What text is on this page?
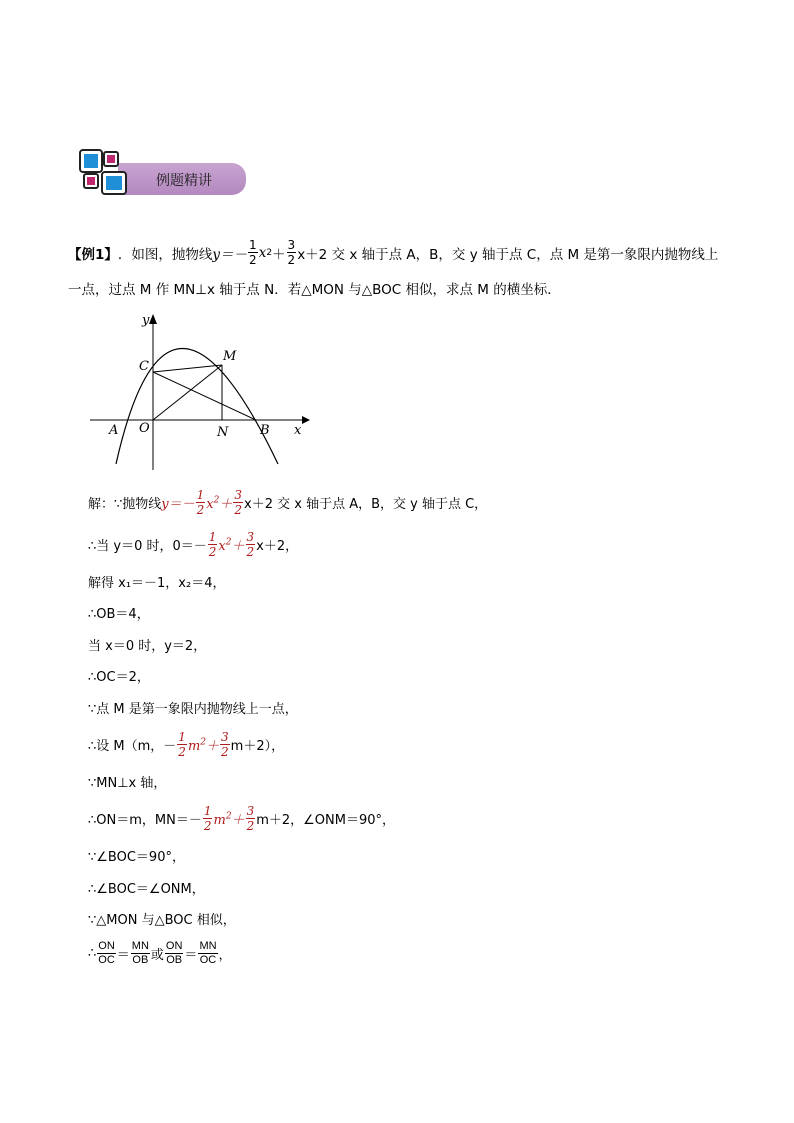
例题精讲
【例1】 ．如图，抛物线 $y=- \frac{1}{2}$ x $2 + \frac{3}{2} x+2$ 交 x 轴于点 A，B，交 y 轴于点 C，点 M 是第一象限内抛物线上
一点，过点 M 作 MN⊥x 轴于点 N．若△MON 与△BOC 相似，求点 M 的横坐标．
y
x
C
M
A O	N B
解：∵抛物线 $y=- \frac{1}{2} x^2+ \frac{3}{2} x+2$ 交 x 轴于点 A，B，交 y 轴于点 C，
∴当 y＝0 时，$0=- \frac{1}{2} x^2+ \frac{3}{2} x+2$，
解得 x₁＝－1，x₂＝4，
∴OB＝4，
当 x＝0 时，y＝2，
∴OC＝2，
∵点 M 是第一象限内抛物线上一点，
∴设 M（m，－ $\frac{1}{2} m^2+ \frac{3}{2} m+2$），
∵MN⊥x 轴，
∴ON＝m，$MN=- \frac{1}{2} m^2+ \frac{3}{2} m+2$，∠ONM＝90°，
∵∠BOC＝90°，
∴∠BOC＝∠ONM，
∵△MON 与△BOC 相似，
∴ ON
OC ＝
MN
OB 或
ON
OB ＝
MN
OC ，
